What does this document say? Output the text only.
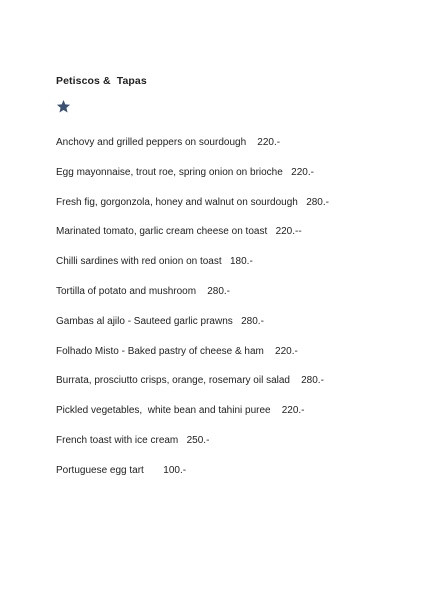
Petiscos &  Tapas
Anchovy and grilled peppers on sourdough 220.-
Egg mayonnaise, trout roe, spring onion on brioche 220.-
Fresh fig, gorgonzola, honey and walnut on sourdough 280.-
Marinated tomato, garlic cream cheese on toast 220.--
Chilli sardines with red onion on toast 180.-
Tortilla of potato and mushroom 280.-
Gambas al ajilo - Sauteed garlic prawns 280.-
Folhado Misto - Baked pastry of cheese & ham 220.-
Burrata, prosciutto crisps, orange, rosemary oil salad 280.-
Pickled vegetables,  white bean and tahini puree 220.-
French toast with ice cream 250.-
Portuguese egg tart 100.-
